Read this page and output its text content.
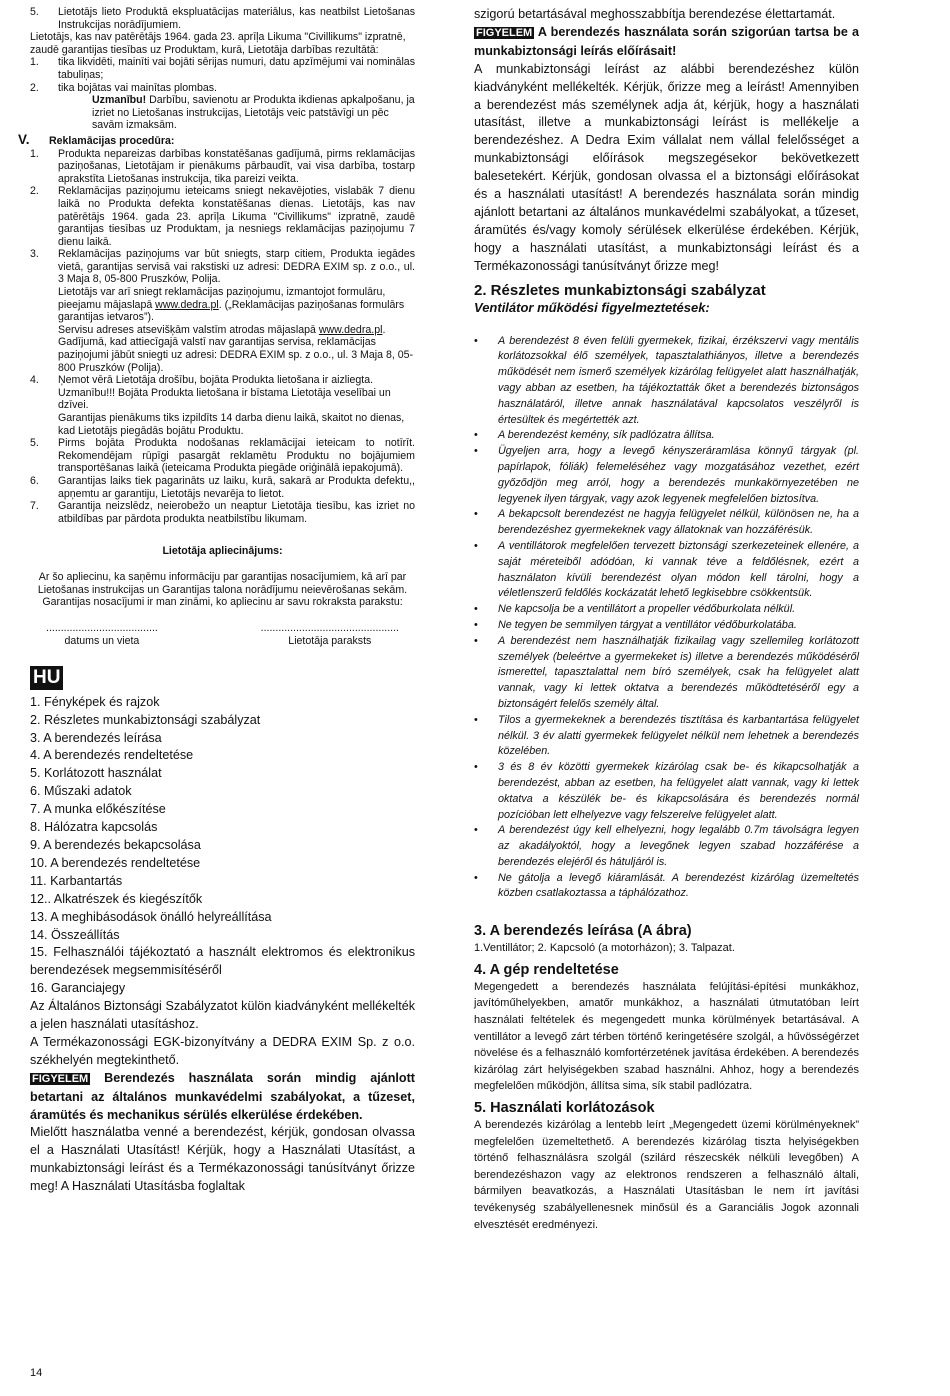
5.	Lietotājs lieto Produktā ekspluatācijas materiālus, kas neatbilst Lietošanas Instrukcijas norādījumiem.

Lietotājs, kas nav patērētājs 1964. gada 23. aprīļa Likuma "Civillikums" izpratnē, zaudē garantijas tiesības uz Produktam, kurā, Lietotāja darbības rezultātā:

1.	tika likvidēti, mainīti vai bojāti sērijas numuri, datu apzīmējumi vai nominālas tabuliņas;
2.	tika bojātas vai mainītas plombas.

Uzmanību! Darbību, savienotu ar Produkta ikdienas apkalpošanu, ja izriet no Lietošanas instrukcijas, Lietotājs veic patstāvīgi un pēc savām izmaksām.

V.	Reklamācijas procedūra:
1.	Produkta nepareizas darbības konstatēšanas gadījumā, pirms reklamācijas paziņošanas, Lietotājam ir pienākums pārbaudīt, vai visa darbība, tostarp aprakstīta Lietošanas instrukcija, tika pareizi veikta.
2.	Reklamācijas paziņojumu ieteicams sniegt nekavējoties, vislabāk 7 dienu laikā no Produkta defekta konstatēšanas dienas. Lietotājs, kas nav patērētājs 1964. gada 23. aprīļa Likuma "Civillikums" izpratnē, zaudē garantijas tiesības uz Produktam, ja nesniegs reklamācijas paziņojumu 7 dienu laikā.
3.	Reklamācijas paziņojums var būt sniegts, starp citiem, Produkta iegādes vietā, garantijas servisā vai rakstiski uz adresi: DEDRA EXIM sp. z o.o., ul. 3 Maja 8, 05-800 Pruszków, Polija.

Lietotājs var arī sniegt reklamācijas paziņojumu, izmantojot formulāru, pieejamu mājaslapā www.dedra.pl. („Reklamācijas paziņošanas formulārs garantijas ietvaros”).

Servisu adreses atsevišķām valstīm atrodas mājaslapā www.dedra.pl. Gadījumā, kad attiecīgajā valstī nav garantijas servisa, reklamācijas paziņojumi jābūt sniegti uz adresi: DEDRA EXIM sp. z o.o., ul. 3 Maja 8, 05-800 Pruszków (Polija).

4.	Ņemot vērā Lietotāja drošību, bojāta Produkta lietošana ir aizliegta.

Uzmanību!!! Bojāta Produkta lietošana ir bīstama Lietotāja veselībai un dzīvei.

Garantijas pienākums tiks izpildīts 14 darba dienu laikā, skaitot no dienas, kad Lietotājs piegādās bojātu Produktu.

5.	Pirms bojāta Produkta nodošanas reklamācijai ieteicam to notīrīt. Rekomendējam rūpīgi pasargāt reklamētu Produktu no bojājumiem transportēšanas laikā (ieteicama Produkta piegāde oriģinālā iepakojumā).
6.	Garantijas laiks tiek pagarināts uz laiku, kurā, sakarā ar Produkta defektu,, apņemtu ar garantiju, Lietotājs nevarēja to lietot.
7.	Garantija neizslēdz, neierobežo un neaptur Lietotāja tiesību, kas izriet no atbildības par pārdota produkta neatbilstību likumam.

Lietotāja apliecinājums:

Ar šo apliecinu, ka saņēmu informāciju par garantijas nosacījumiem, kā arī par Lietošanas instrukcijas un Garantijas talona norādījumu neievērošanas sekām. Garantijas nosacījumi ir man zināmi, ko apliecinu ar savu rokraksta parakstu:

......................................
datums un vieta
...............................................
Lietotāja paraksts
HU
1. Fényképek és rajzok
2. Részletes munkabiztonsági szabályzat
3. A berendezés leírása
4. A berendezés rendeltetése
5. Korlátozott használat
6. Műszaki adatok
7. A munka előkészítése
8. Hálózatra kapcsolás
9. A berendezés bekapcsolása
10. A berendezés rendeltetése
11. Karbantartás
12.. Alkatrészek és kiegészítők
13. A meghibásodások önálló helyreállítása
14. Összeállítás
15. Felhasználói tájékoztató a használt elektromos és elektronikus berendezések megsemmisítéséről
16. Garanciajegy

Az Általános Biztonsági Szabályzatot külön kiadványként mellékelték a jelen használati utasításhoz.

A Termékazonossági EGK-bizonyítvány a DEDRA EXIM Sp. z o.o. székhelyén megtekinthető.

FIGYELEM Berendezés használata során mindig ajánlott betartani az általános munkavédelmi szabályokat, a tűzeset, áramütés és mechanikus sérülés elkerülése érdekében.

Mielőtt használatba venné a berendezést, kérjük, gondosan olvassa el a Használati Utasítást! Kérjük, hogy a Használati Utasítást, a munkabiztonsági leírást és a Termékazonossági tanúsítványt őrizze meg! A Használati Utasításba foglaltak

szigorú betartásával meghosszabbítja berendezése élettartamát.

FIGYELEM A berendezés használata során szigorúan tartsa be a munkabiztonsági leírás előírásait!

A munkabiztonsági leírást az alábbi berendezéshez külön kiadványként mellékelték. Kérjük, őrizze meg a leírást! Amennyiben a berendezést más személynek adja át, kérjük, hogy a használati utasítást, illetve a munkabiztonsági leírást is mellékelje a berendezéshez. A Dedra Exim vállalat nem vállal felelősséget a munkabiztonsági előírások megszegésekor bekövetkezett balesetekért. Kérjük, gondosan olvassa el a biztonsági előírásokat és a használati utasítást! A berendezés használata során mindig ajánlott betartani az általános munkavédelmi szabályokat, a tűzeset, áramütés és/vagy komoly sérülések elkerülése érdekében. Kérjük, hogy a használati utasítást, a munkabiztonsági leírást és a Termékazonossági tanúsítványt őrizze meg!

2. Részletes munkabiztonsági szabályzat

Ventilátor működési figyelmeztetések:

•	A berendezést 8 éven felüli gyermekek, fizikai, érzékszervi vagy mentális korlátozsokkal élő személyek, tapasztalathiányos, illetve a berendezés működését nem ismerő személyek kizárólag felügyelet alatt használhatják, vagy abban az esetben, ha tájékoztatták őket a berendezés biztonságos használatáról, illetve annak használatával kapcsolatos veszélyről is értesültek és megértették azt.
•	A berendezést kemény, sík padlózatra állítsa.
•	Ügyeljen arra, hogy a levegő kényszeráramlása könnyű tárgyak (pl. papírlapok, fóliák) felemeléséhez vagy mozgatásához vezethet, ezért győződjön meg arról, hogy a berendezés munkakörnyezetében ne legyenek ilyen tárgyak, vagy azok legyenek megfelelően biztosítva.
•	A bekapcsolt berendezést ne hagyja felügyelet nélkül, különösen ne, ha a berendezéshez gyermekeknek vagy állatoknak van hozzáférésük.
•	A ventillátorok megfelelően tervezett biztonsági szerkezeteinek ellenére, a saját méreteiből adódóan, ki vannak téve a feldőlésnek, ezért a használaton kívüli berendezést olyan módon kell tárolni, hogy a véletlenszerű feldőlés kockázatát lehető legkisebbre csökkentsük.
•	Ne kapcsolja be a ventillátort a propeller védőburkolata nélkül.
•	Ne tegyen be semmilyen tárgyat a ventillátor védőburkolatába.
•	A berendezést nem használhatják fizikailag vagy szellemileg korlátozott személyek (beleértve a gyermekeket is) illetve a berendezés működéséről ismerettel, tapasztalattal nem bíró személyek, csak ha felügyelet alatt vannak, vagy ki lettek oktatva a berendezés működtetéséről egy a biztonságért felelős személy által.
•	Tilos a gyermekeknek a berendezés tisztítása és karbantartása felügyelet nélkül. 3 év alatti gyermekek felügyelet nélkül nem lehetnek a berendezés közelében.
•	3 és 8 év közötti gyermekek kizárólag csak be- és kikapcsolhatják a berendezést, abban az esetben, ha felügyelet alatt vannak, vagy ki lettek oktatva a készülék be- és kikapcsolására és berendezés normál pozícióban lett elhelyezve vagy felszerelve felügyelet alatt.
•	A berendezést úgy kell elhelyezni, hogy legalább 0.7m távolságra legyen az akadályoktól, hogy a levegőnek legyen szabad hozzáférése a berendezés elejéről és hátuljáról is.
•	Ne gátolja a levegő kiáramlását. A berendezést kizárólag üzemeltetés közben csatlakoztassa a táphálózathoz.

3. A berendezés leírása (A ábra)

1.Ventillátor; 2. Kapcsoló (a motorházon); 3. Talpazat.

4. A gép rendeltetése

Megengedett a berendezés használata felújítási-építési munkákhoz, javítóműhelyekben, amatőr munkákhoz, a használati útmutatóban leírt használati feltételek és megengedett munka körülmények betartásával. A ventillátor a levegő zárt térben történő keringetésére szolgál, a hűvösségérzet növelése és a felhasználó komfortérzetének javítása érdekében. A berendezés kizárólag zárt helyiségekben szabad használni. Ahhoz, hogy a berendezés megfelelően működjön, állítsa sima, sík stabil padlózatra.

5. Használati korlátozások

A berendezés kizárólag a lentebb leírt „Megengedett üzemi körülményeknek” megfelelően üzemeltethető. A berendezés kizárólag tiszta helyiségekben történő felhasználásra szolgál (szilárd részecskék nélküli levegőben) A berendezéshazon vagy az elektronos rendszeren a felhasználó általi, bármilyen beavatkozás, a Használati Utasításban le nem írt javítási tevékenység szabályellenesnek minősül és a Garanciális Jogok azonnali elvesztését eredményezi.

14
